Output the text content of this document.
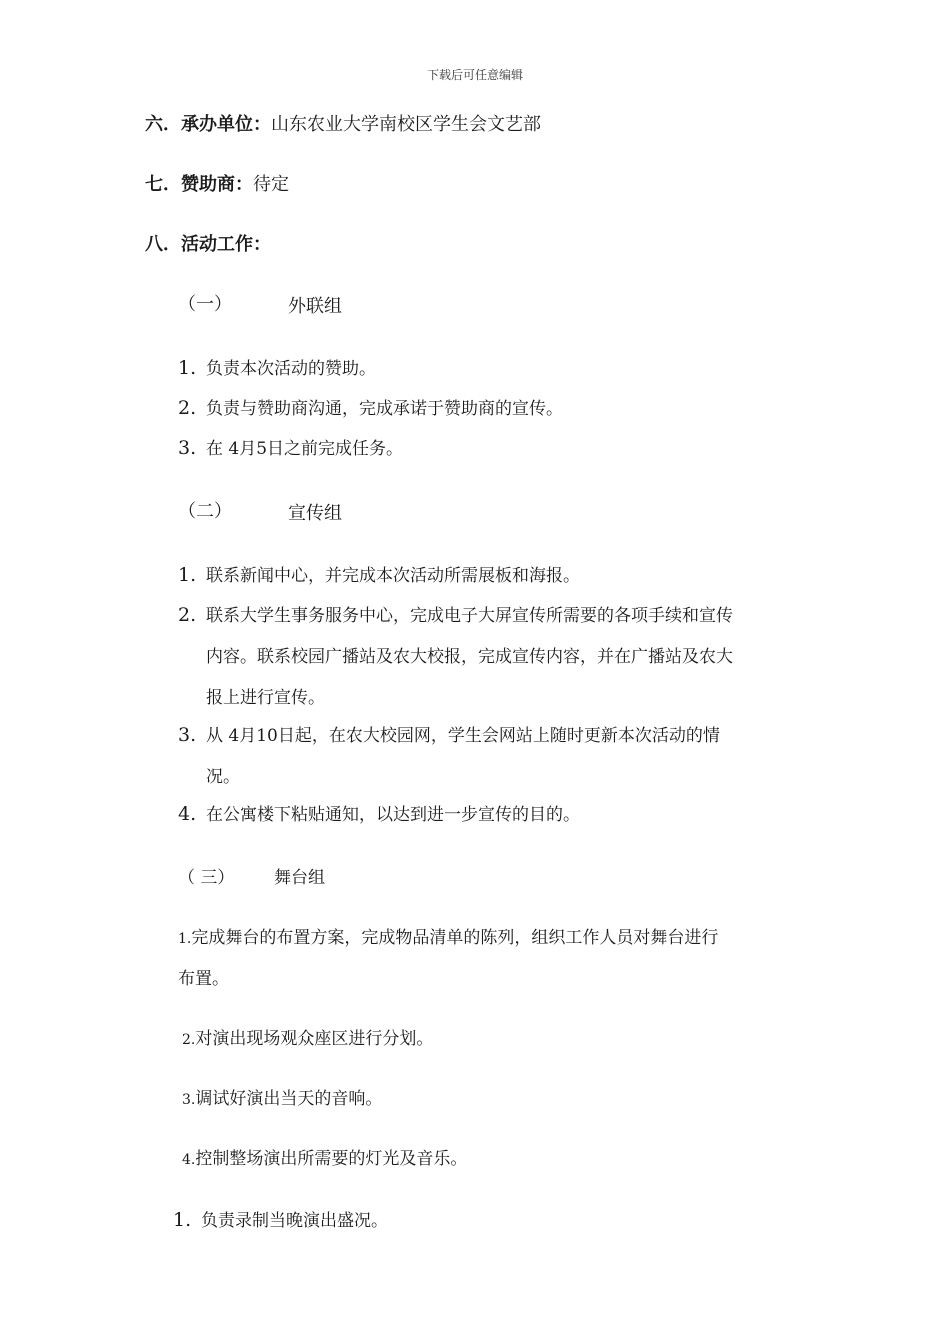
下载后可任意编辑
六．承办单位：山东农业大学南校区学生会文艺部
七．赞助商：待定
八．活动工作：
（一）	外联组
1. 负责本次活动的赞助。
2. 负责与赞助商沟通，完成承诺于赞助商的宣传。
3. 在 4月5日之前完成任务。
（二）	宣传组
1. 联系新闻中心，并完成本次活动所需展板和海报。
2. 联系大学生事务服务中心，完成电子大屏宣传所需要的各项手续和宣传
内容。联系校园广播站及农大校报，完成宣传内容，并在广播站及农大
报上进行宣传。
3. 从 4月10日起，在农大校园网，学生会网站上随时更新本次活动的情
况。
4. 在公寓楼下粘贴通知，以达到进一步宣传的目的。
（ 三） 舞台组
1.完成舞台的布置方案，完成物品清单的陈列，组织工作人员对舞台进行
布置。
2.对演出现场观众座区进行分划。
3.调试好演出当天的音响。
4.控制整场演出所需要的灯光及音乐。
1. 负责录制当晚演出盛况。
